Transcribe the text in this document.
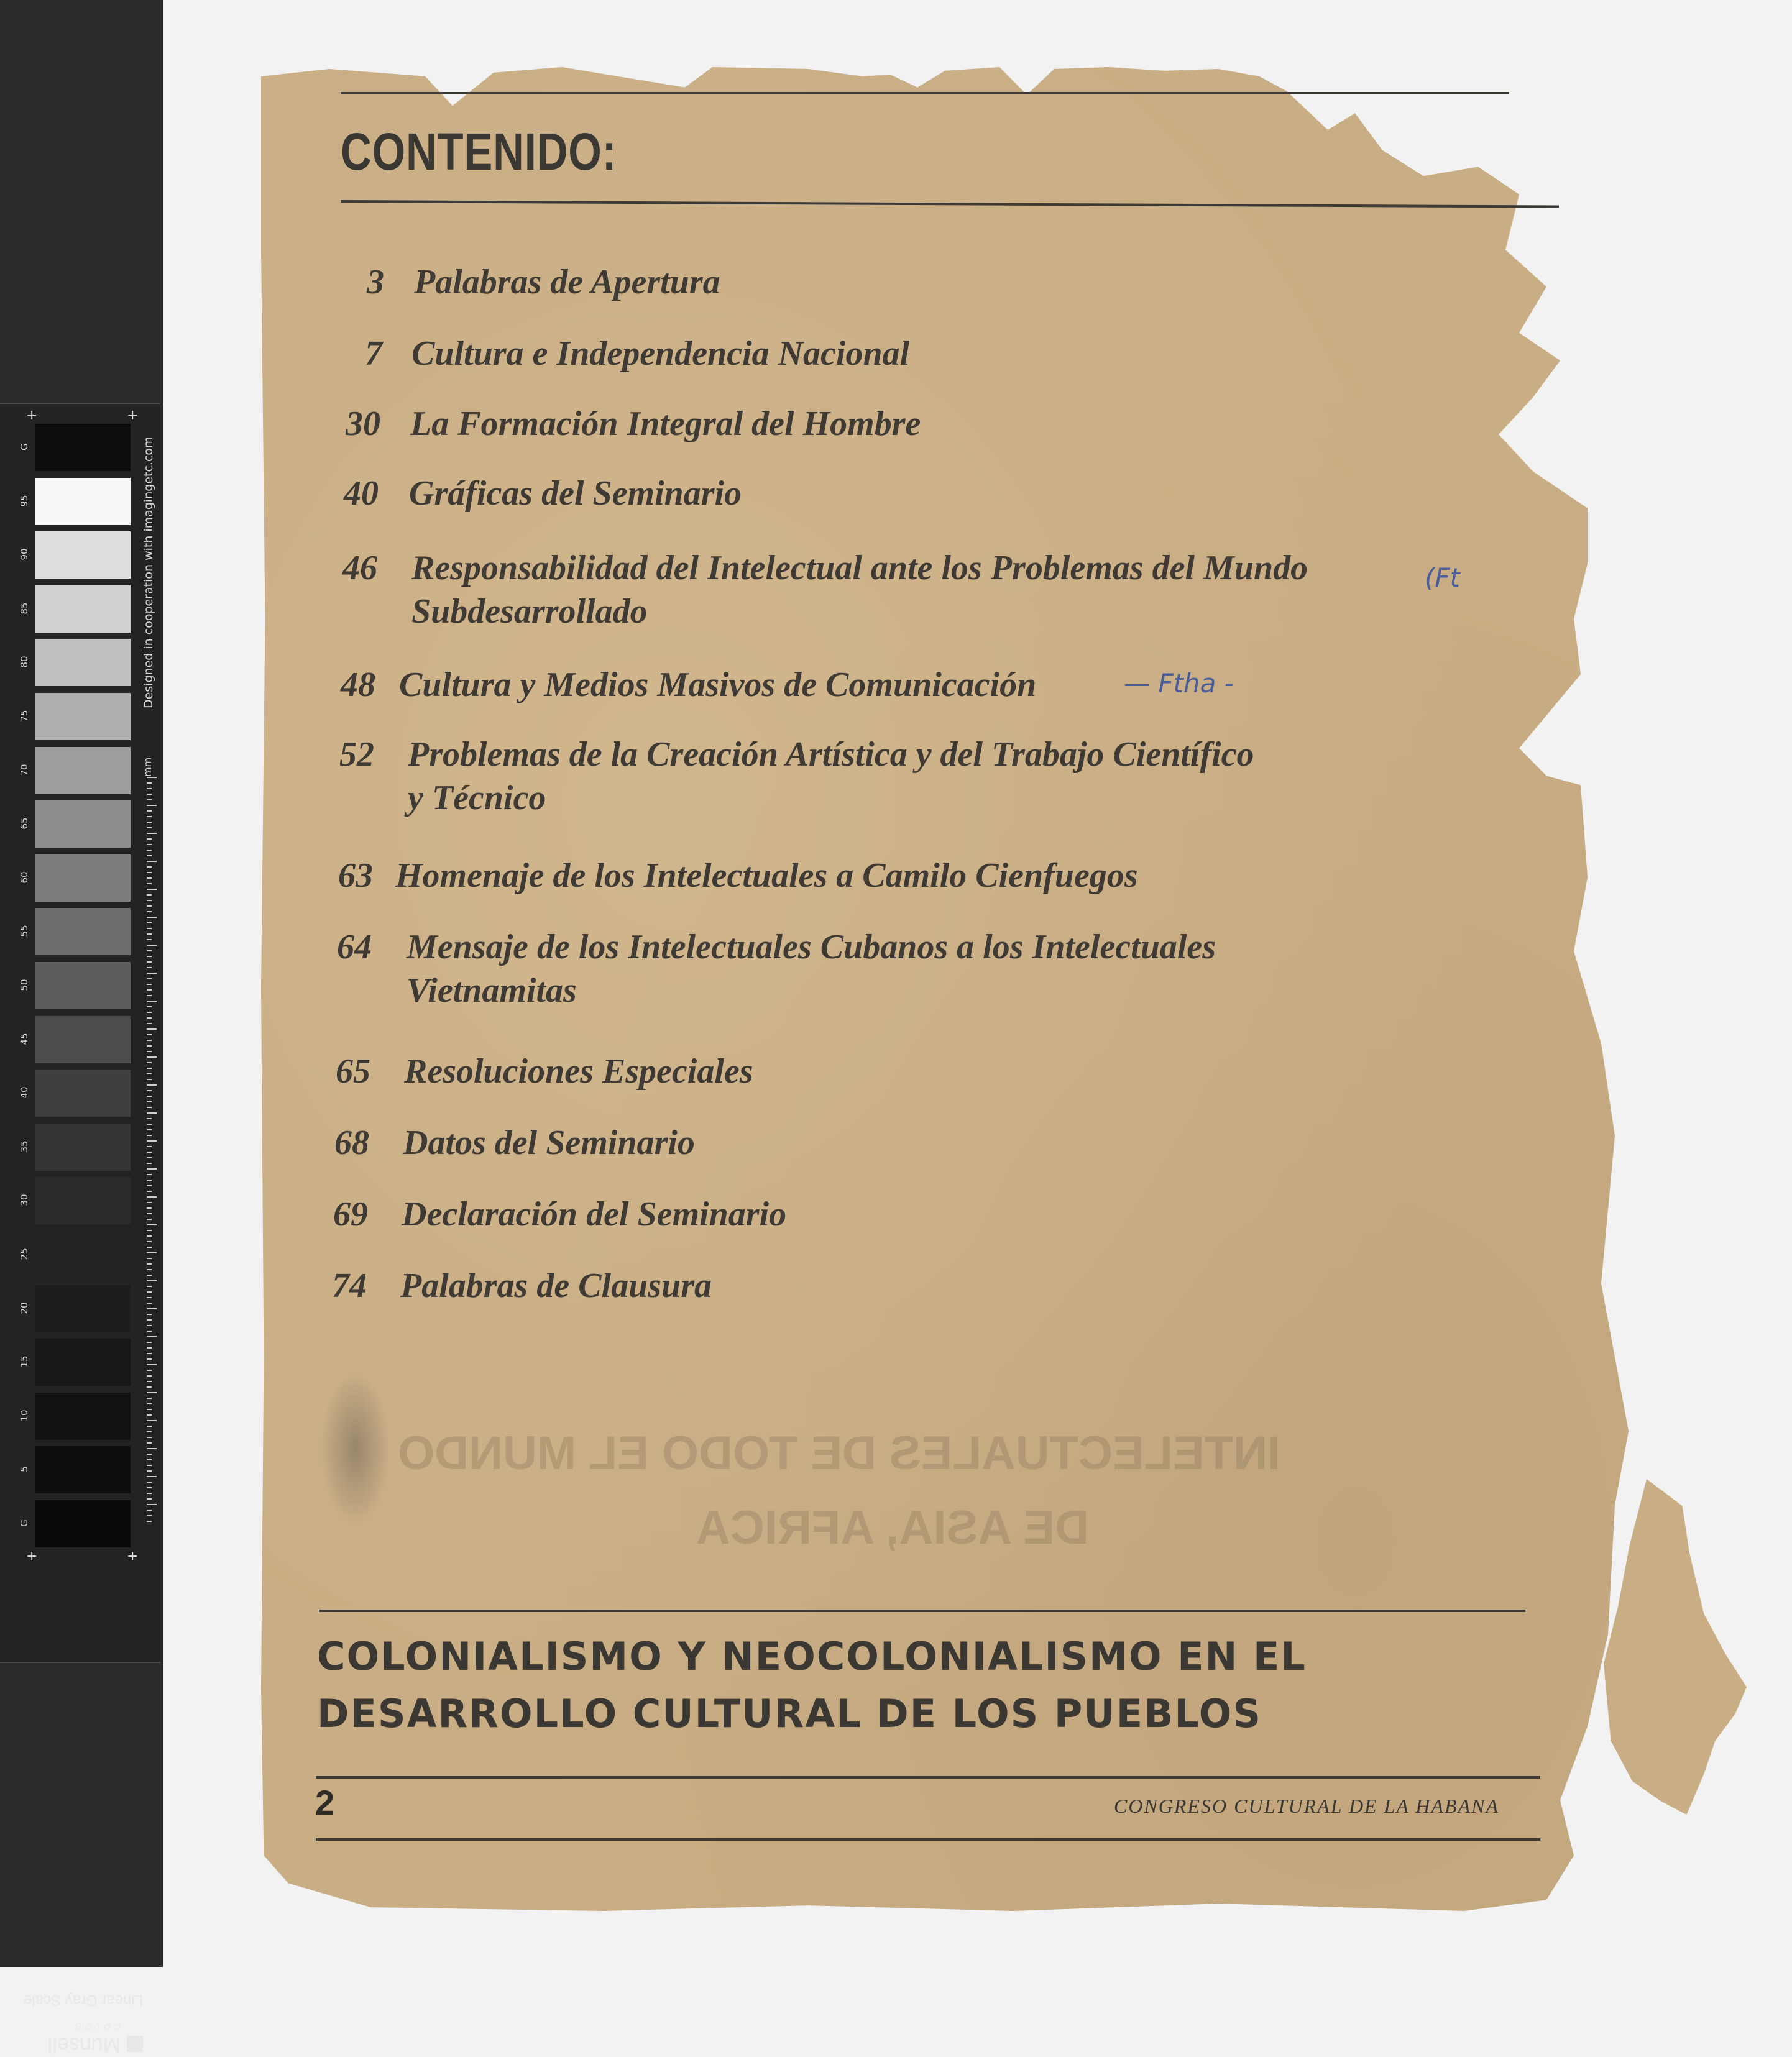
+	+
+	+
Designed in cooperation with imagingetc.com
mm
Munsell
COLOR
Linear Gray Scale
G
95
90
85
80
75
70
65
60
55
50
45
40
35
30
25
20
15
10
5
G
CONTENIDO:
3 Palabras de Apertura
7 Cultura e Independencia Nacional
30 La Formación Integral del Hombre
40 Gráficas del Seminario
46 Responsabilidad del Intelectual ante los Problemas del Mundo
Subdesarrollado
48 Cultura y Medios Masivos de Comunicación
52 Problemas de la Creación Artística y del Trabajo Científico
y Técnico
63 Homenaje de los Intelectuales a Camilo Cienfuegos
64 Mensaje de los Intelectuales Cubanos a los Intelectuales
Vietnamitas
65 Resoluciones Especiales
68 Datos del Seminario
69 Declaración del Seminario
74 Palabras de Clausura
(Ft
— Ftha -
INTELECTUALES DE TODO EL MUNDO
DE ASIA, AFRICA
COLONIALISMO Y NEOCOLONIALISMO EN EL
DESARROLLO CULTURAL DE LOS PUEBLOS
2	CONGRESO CULTURAL DE LA HABANA
